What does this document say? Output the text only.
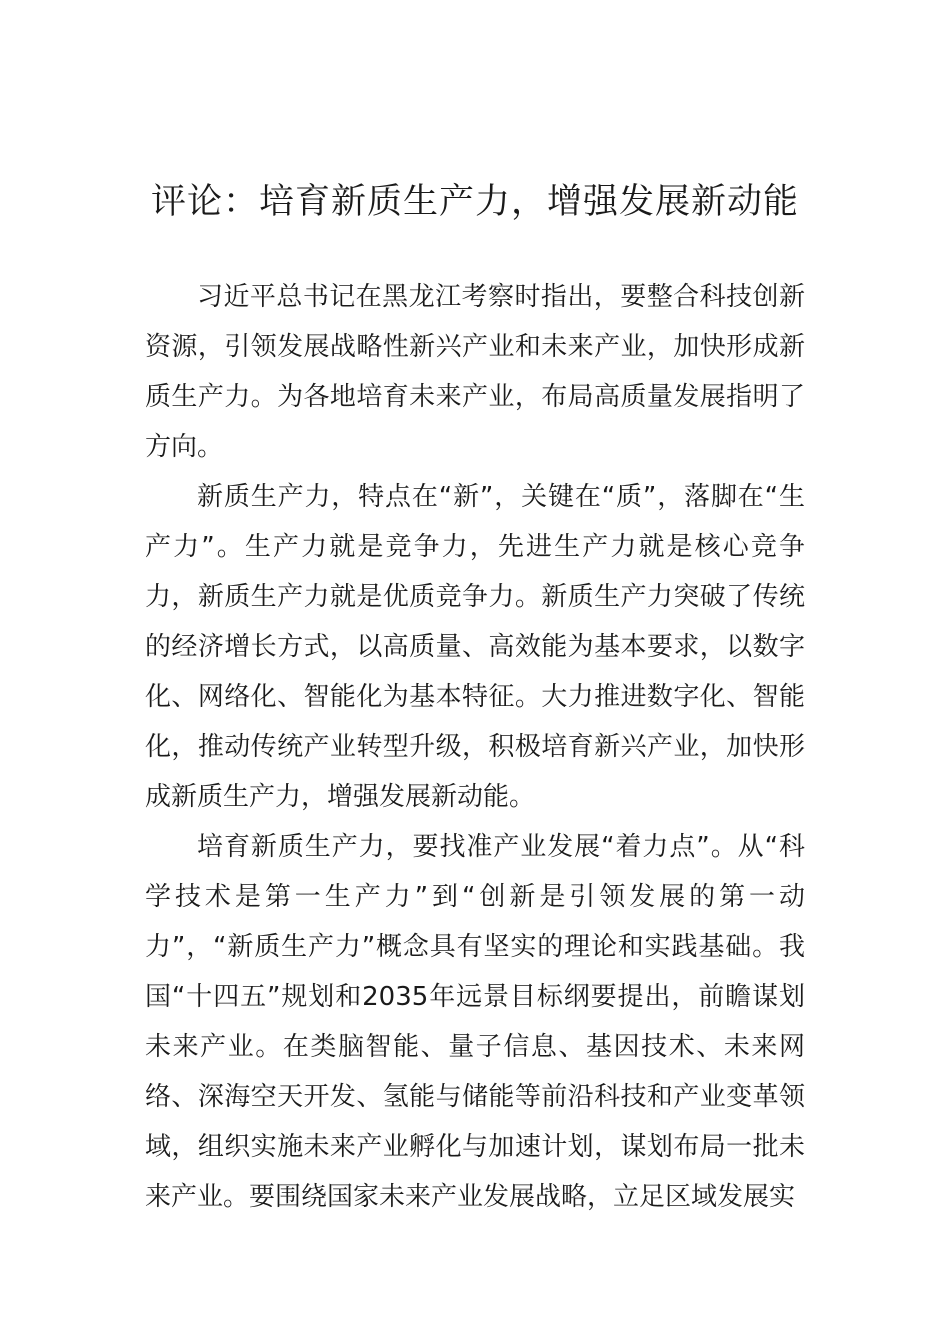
评论：培育新质生产力，增强发展新动能

习近平总书记在黑龙江考察时指出，要整合科技创新资源，引领发展战略性新兴产业和未来产业，加快形成新质生产力。为各地培育未来产业，布局高质量发展指明了方向。

新质生产力，特点在“新”，关键在“质”，落脚在“生产力”。生产力就是竞争力，先进生产力就是核心竞争力，新质生产力就是优质竞争力。新质生产力突破了传统的经济增长方式，以高质量、高效能为基本要求，以数字化、网络化、智能化为基本特征。大力推进数字化、智能化，推动传统产业转型升级，积极培育新兴产业，加快形成新质生产力，增强发展新动能。

培育新质生产力，要找准产业发展“着力点”。从“科学技术是第一生产力”到“创新是引领发展的第一动力”，“新质生产力”概念具有坚实的理论和实践基础。我国“十四五”规划和2035年远景目标纲要提出，前瞻谋划未来产业。在类脑智能、量子信息、基因技术、未来网络、深海空天开发、氢能与储能等前沿科技和产业变革领域，组织实施未来产业孵化与加速计划，谋划布局一批未来产业。要围绕国家未来产业发展战略，立足区域发展实
